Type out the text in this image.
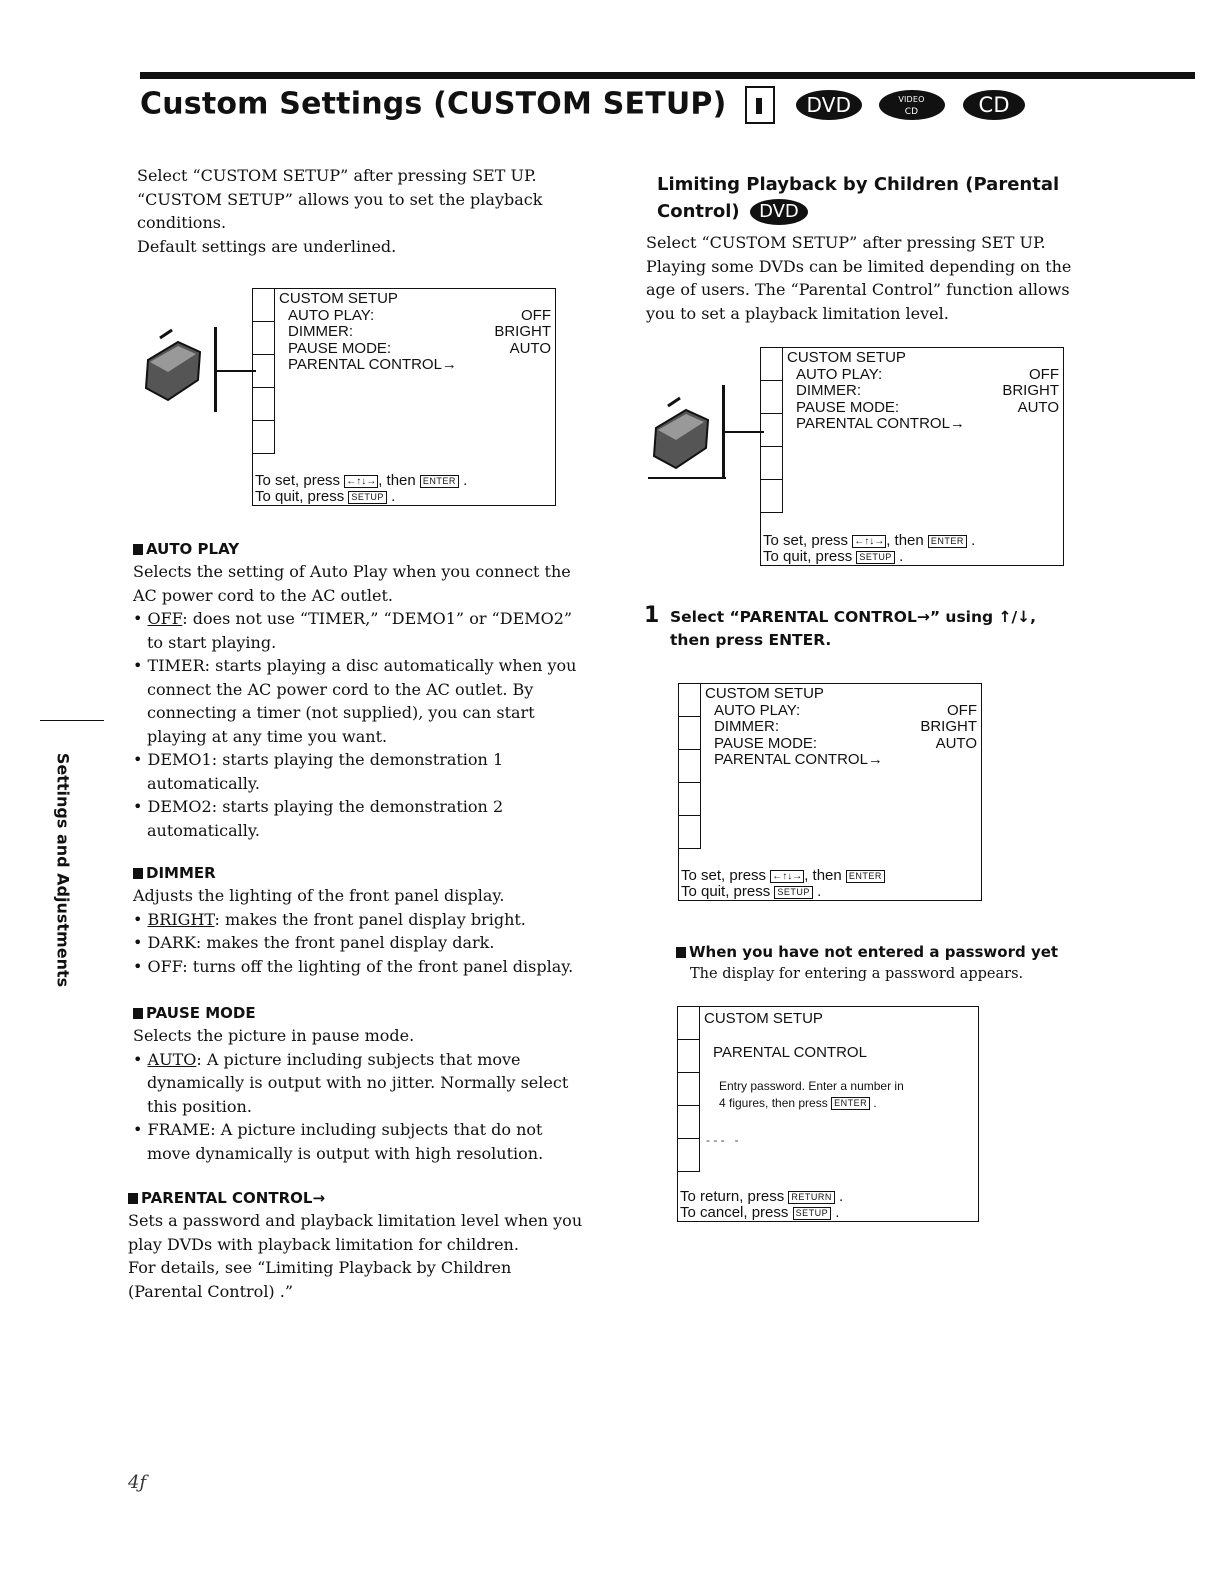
Custom Settings (CUSTOM SETUP)	DVD	VIDEO
CD	CD

Select “CUSTOM SETUP” after pressing SET UP.

“CUSTOM SETUP” allows you to set the playback conditions.

Default settings are underlined.

CUSTOM SETUP
AUTO PLAY:	OFF
DIMMER:	BRIGHT
PAUSE MODE:	AUTO
PARENTAL CONTROL→
To set, press ←↑↓→ , then ENTER .
To quit, press SETUP .
AUTO PLAY
Selects the setting of Auto Play when you connect the AC power cord to the AC outlet.
• OFF: does not use “TIMER,” “DEMO1” or “DEMO2” to start playing.
• TIMER: starts playing a disc automatically when you connect the AC power cord to the AC outlet. By connecting a timer (not supplied), you can start playing at any time you want.
• DEMO1: starts playing the demonstration 1 automatically.
• DEMO2: starts playing the demonstration 2 automatically.
DIMMER
Adjusts the lighting of the front panel display.
• BRIGHT: makes the front panel display bright.
• DARK: makes the front panel display dark.
• OFF: turns off the lighting of the front panel display.
PAUSE MODE
Selects the picture in pause mode.
• AUTO: A picture including subjects that move dynamically is output with no jitter. Normally select this position.
• FRAME: A picture including subjects that do not move dynamically is output with high resolution.
PARENTAL CONTROL→
Sets a password and playback limitation level when you play DVDs with playback limitation for children.
For details, see “Limiting Playback by Children (Parental Control) .”
Settings and Adjustments
4ƒ
Limiting Playback by Children (Parental
Control) DVD

Select “CUSTOM SETUP” after pressing SET UP.

Playing some DVDs can be limited depending on the age of users. The “Parental Control” function allows you to set a playback limitation level.

CUSTOM SETUP
AUTO PLAY:	OFF
DIMMER:	BRIGHT
PAUSE MODE:	AUTO
PARENTAL CONTROL→
To set, press ←↑↓→ , then ENTER .
To quit, press SETUP .
1 Select “PARENTAL CONTROL→” using ↑/↓, then press ENTER.
CUSTOM SETUP
AUTO PLAY:	OFF
DIMMER:	BRIGHT
PAUSE MODE:	AUTO
PARENTAL CONTROL→
To set, press ←↑↓→ , then ENTER
To quit, press SETUP .
When you have not entered a password yet
The display for entering a password appears.
CUSTOM SETUP
PARENTAL CONTROL
Entry password. Enter a number in
4 figures, then press ENTER .
- - -   -
To return, press RETURN .
To cancel, press SETUP .
